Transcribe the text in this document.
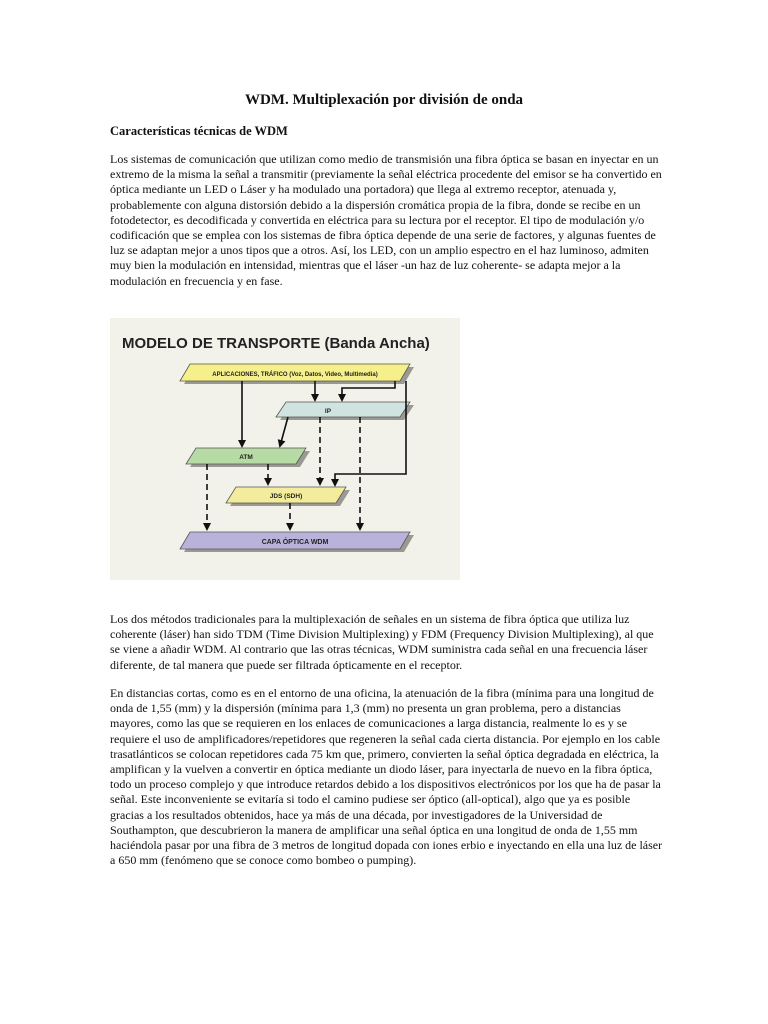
WDM. Multiplexación por división de onda
Características técnicas de WDM

Los sistemas de comunicación que utilizan como medio de transmisión una fibra óptica se basan en inyectar en un extremo de la misma la señal a transmitir (previamente la señal eléctrica procedente del emisor se ha convertido en óptica mediante un LED o Láser y ha modulado una portadora) que llega al extremo receptor, atenuada y, probablemente con alguna distorsión debido a la dispersión cromática propia de la fibra, donde se recibe en un fotodetector, es decodificada y convertida en eléctrica para su lectura por el receptor. El tipo de modulación y/o codificación que se emplea con los sistemas de fibra óptica depende de una serie de factores, y algunas fuentes de luz se adaptan mejor a unos tipos que a otros. Así, los LED, con un amplio espectro en el haz luminoso, admiten muy bien la modulación en intensidad, mientras que el láser -un haz de luz coherente- se adapta mejor a la modulación en frecuencia y en fase.

MODELO DE TRANSPORTE (Banda Ancha)
APLICACIONES, TRÁFICO (Voz, Datos, Video, Multimedia)
IP
ATM
JDS (SDH)
CAPA ÓPTICA WDM

Los dos métodos tradicionales para la multiplexación de señales en un sistema de fibra óptica que utiliza luz coherente (láser) han sido TDM (Time Division Multiplexing) y FDM (Frequency Division Multiplexing), al que se viene a añadir WDM. Al contrario que las otras técnicas, WDM suministra cada señal en una frecuencia láser diferente, de tal manera que puede ser filtrada ópticamente en el receptor.

En distancias cortas, como es en el entorno de una oficina, la atenuación de la fibra (mínima para una longitud de onda de 1,55 (mm) y la dispersión (mínima para 1,3 (mm) no presenta un gran problema, pero a distancias mayores, como las que se requieren en los enlaces de comunicaciones a larga distancia, realmente lo es y se requiere el uso de amplificadores/repetidores que regeneren la señal cada cierta distancia. Por ejemplo en los cable trasatlánticos se colocan repetidores cada 75 km que, primero, convierten la señal óptica degradada en eléctrica, la amplifican y la vuelven a convertir en óptica mediante un diodo láser, para inyectarla de nuevo en la fibra óptica, todo un proceso complejo y que introduce retardos debido a los dispositivos electrónicos por los que ha de pasar la señal. Este inconveniente se evitaría si todo el camino pudiese ser óptico (all-optical), algo que ya es posible gracias a los resultados obtenidos, hace ya más de una década, por investigadores de la Universidad de Southampton, que descubrieron la manera de amplificar una señal óptica en una longitud de onda de 1,55 mm haciéndola pasar por una fibra de 3 metros de longitud dopada con iones erbio e inyectando en ella una luz de láser a 650 mm (fenómeno que se conoce como bombeo o pumping).
